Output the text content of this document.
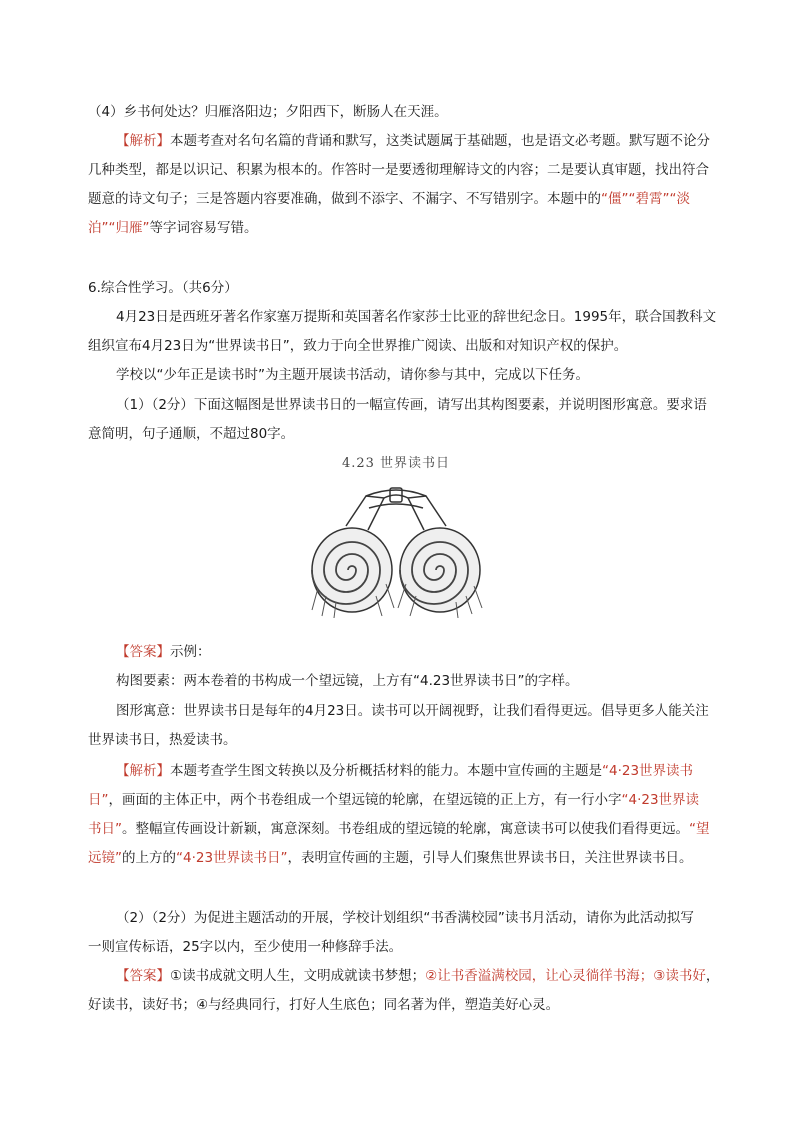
（4）乡书何处达？归雁洛阳边；夕阳西下，断肠人在天涯。

【解析】本题考查对名句名篇的背诵和默写，这类试题属于基础题，也是语文必考题。默写题不论分

几种类型，都是以识记、积累为根本的。作答时一是要透彻理解诗文的内容；二是要认真审题，找出符合

题意的诗文句子；三是答题内容要准确，做到不添字、不漏字、不写错别字。本题中的“僵”“碧霄”“淡

泊”“归雁”等字词容易写错。

6.综合性学习。（共6分）

4月23日是西班牙著名作家塞万提斯和英国著名作家莎士比亚的辞世纪念日。1995年，联合国教科文

组织宣布4月23日为“世界读书日”，致力于向全世界推广阅读、出版和对知识产权的保护。

学校以“少年正是读书时”为主题开展读书活动，请你参与其中，完成以下任务。

（1）（2分）下面这幅图是世界读书日的一幅宣传画，请写出其构图要素，并说明图形寓意。要求语

意简明，句子通顺，不超过80字。

4.23 世界读书日

【答案】示例：

构图要素：两本卷着的书构成一个望远镜，上方有“4.23世界读书日”的字样。

图形寓意：世界读书日是每年的4月23日。读书可以开阔视野，让我们看得更远。倡导更多人能关注

世界读书日，热爱读书。

【解析】本题考查学生图文转换以及分析概括材料的能力。本题中宣传画的主题是“4·23世界读书

日”，画面的主体正中，两个书卷组成一个望远镜的轮廓，在望远镜的正上方，有一行小字“4·23世界读

书日”。整幅宣传画设计新颖，寓意深刻。书卷组成的望远镜的轮廓，寓意读书可以使我们看得更远。“望

远镜”的上方的“4·23世界读书日”，表明宣传画的主题，引导人们聚焦世界读书日，关注世界读书日。

（2）（2分）为促进主题活动的开展，学校计划组织“书香满校园”读书月活动，请你为此活动拟写

一则宣传标语，25字以内，至少使用一种修辞手法。

【答案】①读书成就文明人生，文明成就读书梦想；②让书香溢满校园，让心灵徜徉书海；③读书好，

好读书，读好书；④与经典同行，打好人生底色；同名著为伴，塑造美好心灵。
